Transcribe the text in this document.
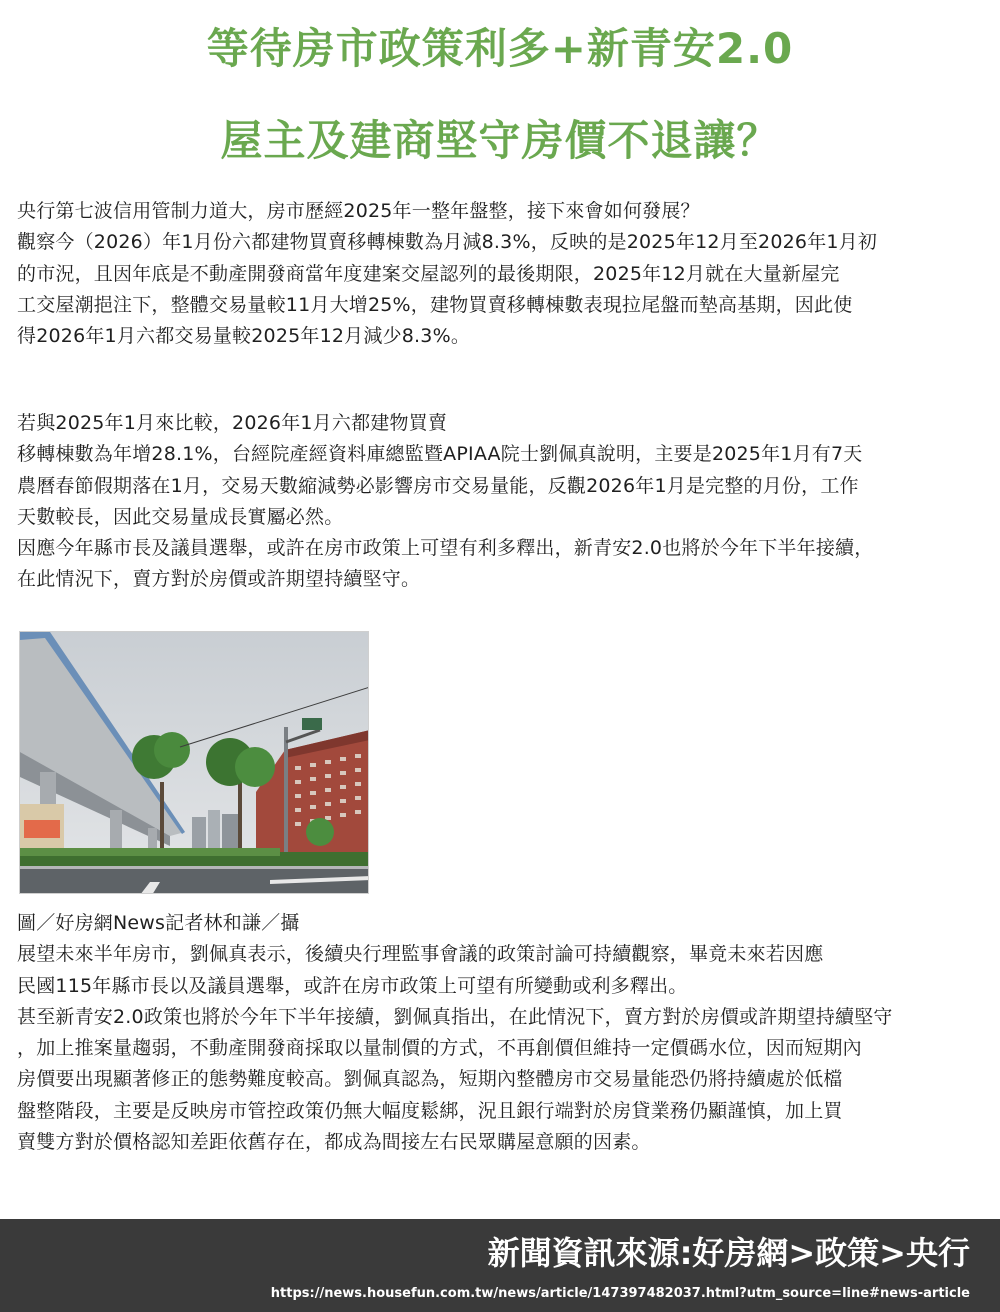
等待房市政策利多+新青安2.0
屋主及建商堅守房價不退讓？
央行第七波信用管制力道大，房市歷經2025年一整年盤整，接下來會如何發展？
觀察今（2026）年1月份六都建物買賣移轉棟數為月減8.3%，反映的是2025年12月至2026年1月初
的市況，且因年底是不動產開發商當年度建案交屋認列的最後期限，2025年12月就在大量新屋完
工交屋潮挹注下，整體交易量較11月大增25%，建物買賣移轉棟數表現拉尾盤而墊高基期，因此使
得2026年1月六都交易量較2025年12月減少8.3%。
若與2025年1月來比較，2026年1月六都建物買賣
移轉棟數為年增28.1%，台經院產經資料庫總監暨APIAA院士劉佩真說明，主要是2025年1月有7天
農曆春節假期落在1月，交易天數縮減勢必影響房市交易量能，反觀2026年1月是完整的月份，工作
天數較長，因此交易量成長實屬必然。
因應今年縣市長及議員選舉，或許在房市政策上可望有利多釋出，新青安2.0也將於今年下半年接續，
在此情況下，賣方對於房價或許期望持續堅守。
圖／好房網News記者林和謙／攝
展望未來半年房市，劉佩真表示，後續央行理監事會議的政策討論可持續觀察，畢竟未來若因應
民國115年縣市長以及議員選舉，或許在房市政策上可望有所變動或利多釋出。
甚至新青安2.0政策也將於今年下半年接續，劉佩真指出，在此情況下，賣方對於房價或許期望持續堅守
，加上推案量趨弱，不動產開發商採取以量制價的方式，不再創價但維持一定價碼水位，因而短期內
房價要出現顯著修正的態勢難度較高。劉佩真認為，短期內整體房市交易量能恐仍將持續處於低檔
盤整階段，主要是反映房市管控政策仍無大幅度鬆綁，況且銀行端對於房貸業務仍顯謹慎，加上買
賣雙方對於價格認知差距依舊存在，都成為間接左右民眾購屋意願的因素。
新聞資訊來源:好房網>政策>央行
https://news.housefun.com.tw/news/article/147397482037.html?utm_source=line#news-article
